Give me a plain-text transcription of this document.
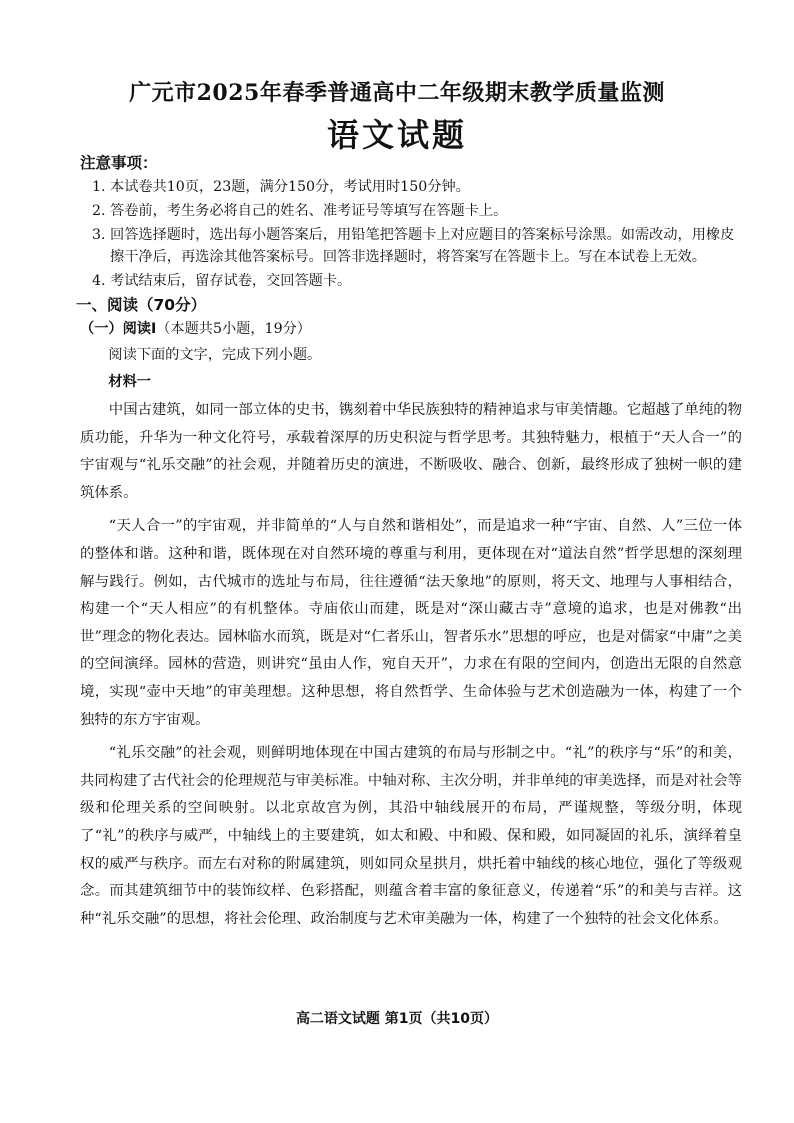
广元市2025年春季普通高中二年级期末教学质量监测
语文试题
注意事项：
1. 本试卷共10页，23题，满分150分，考试用时150分钟。
2. 答卷前，考生务必将自己的姓名、准考证号等填写在答题卡上。
3. 回答选择题时，选出每小题答案后，用铅笔把答题卡上对应题目的答案标号涂黑。如需改动，用橡皮擦干净后，再选涂其他答案标号。回答非选择题时，将答案写在答题卡上。写在本试卷上无效。
4. 考试结束后，留存试卷，交回答题卡。
一、阅读（70分）
（一）阅读Ⅰ（本题共5小题，19分）
阅读下面的文字，完成下列小题。
材料一

中国古建筑，如同一部立体的史书，镌刻着中华民族独特的精神追求与审美情趣。它超越了单纯的物质功能，升华为一种文化符号，承载着深厚的历史积淀与哲学思考。其独特魅力，根植于“天人合一”的宇宙观与“礼乐交融”的社会观，并随着历史的演进，不断吸收、融合、创新，最终形成了独树一帜的建筑体系。

“天人合一”的宇宙观，并非简单的“人与自然和谐相处”，而是追求一种“宇宙、自然、人”三位一体的整体和谐。这种和谐，既体现在对自然环境的尊重与利用，更体现在对“道法自然”哲学思想的深刻理解与践行。例如，古代城市的选址与布局，往往遵循“法天象地”的原则，将天文、地理与人事相结合，构建一个“天人相应”的有机整体。寺庙依山而建，既是对“深山藏古寺”意境的追求，也是对佛教“出世”理念的物化表达。园林临水而筑，既是对“仁者乐山，智者乐水”思想的呼应，也是对儒家“中庸”之美的空间演绎。园林的营造，则讲究“虽由人作，宛自天开”，力求在有限的空间内，创造出无限的自然意境，实现“壶中天地”的审美理想。这种思想，将自然哲学、生命体验与艺术创造融为一体，构建了一个独特的东方宇宙观。

“礼乐交融”的社会观，则鲜明地体现在中国古建筑的布局与形制之中。“礼”的秩序与“乐”的和美，共同构建了古代社会的伦理规范与审美标准。中轴对称、主次分明，并非单纯的审美选择，而是对社会等级和伦理关系的空间映射。以北京故宫为例，其沿中轴线展开的布局，严谨规整，等级分明，体现了“礼”的秩序与威严，中轴线上的主要建筑，如太和殿、中和殿、保和殿，如同凝固的礼乐，演绎着皇权的威严与秩序。而左右对称的附属建筑，则如同众星拱月，烘托着中轴线的核心地位，强化了等级观念。而其建筑细节中的装饰纹样、色彩搭配，则蕴含着丰富的象征意义，传递着“乐”的和美与吉祥。这种“礼乐交融”的思想，将社会伦理、政治制度与艺术审美融为一体，构建了一个独特的社会文化体系。

高二语文试题 第1页（共10页）
